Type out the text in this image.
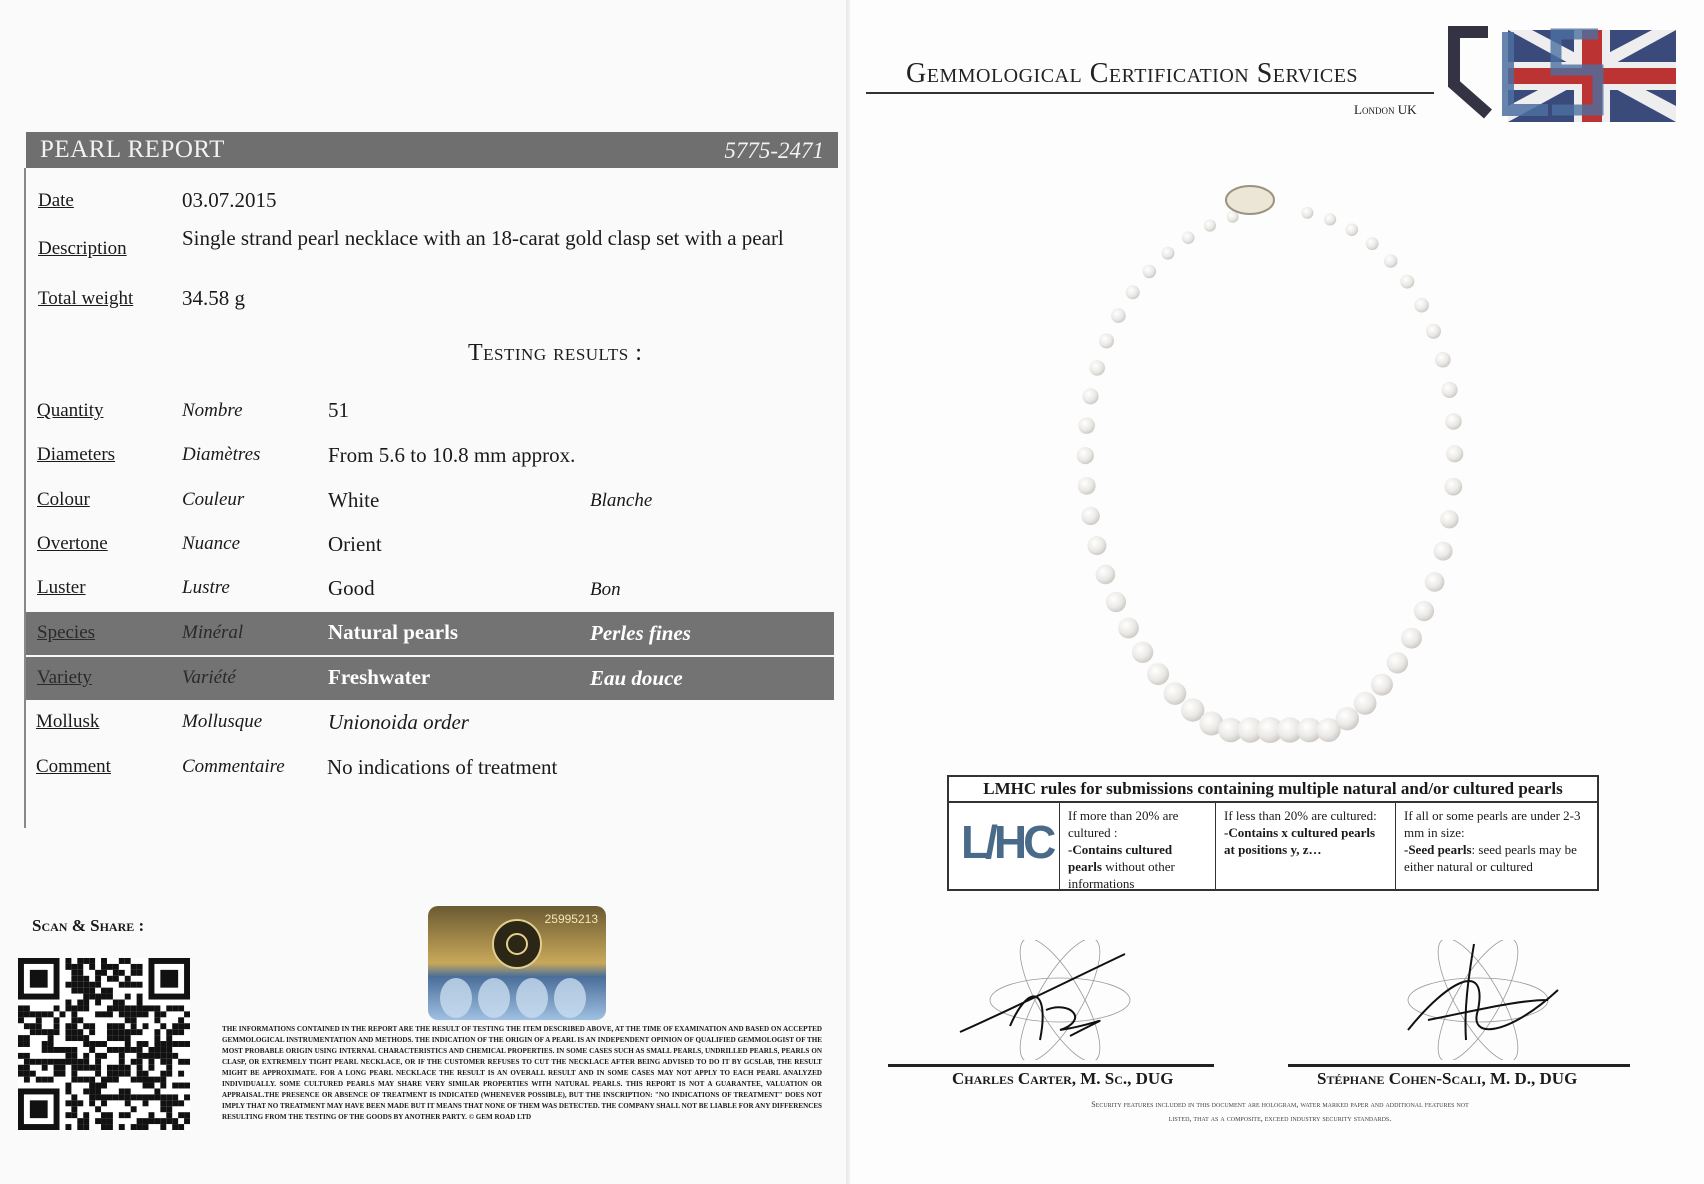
PEARL REPORT	5775-2471
Date	03.07.2015
Description	Single strand pearl necklace with an 18-carat gold clasp set with a pearl
Total weight 34.58 g
Testing results :
Quantity	Nombre	51
Diameters	Diamètres	From 5.6 to 10.8 mm approx.
Colour	Couleur	White	Blanche
Overtone	Nuance	Orient
Luster	Lustre	Good	Bon
Species	Minéral	Natural pearls	Perles fines
Variety	Variété	Freshwater	Eau douce
Mollusk	Mollusque	Unionoida order
Comment	Commentaire No indications of treatment
Scan & Share :	25995213
THE INFORMATIONS CONTAINED IN THE REPORT ARE THE RESULT OF TESTING THE ITEM DESCRIBED ABOVE, AT THE TIME OF EXAMINATION AND BASED ON ACCEPTED GEMMOLOGICAL INSTRUMENTATION AND METHODS. THE INDICATION OF THE ORIGIN OF A PEARL IS AN INDEPENDENT OPINION OF QUALIFIED GEMMOLOGIST OF THE MOST PROBABLE ORIGIN USING INTERNAL CHARACTERISTICS AND CHEMICAL PROPERTIES. IN SOME CASES SUCH AS SMALL PEARLS, UNDRILLED PEARLS, PEARLS ON CLASP, OR EXTREMELY TIGHT PEARL NECKLACE, OR IF THE CUSTOMER REFUSES TO CUT THE NECKLACE AFTER BEING ADVISED TO DO IT BY GCSLAB, THE RESULT MIGHT BE APPROXIMATE. FOR A LONG PEARL NECKLACE THE RESULT IS AN OVERALL RESULT AND IN SOME CASES MAY NOT APPLY TO EACH PEARL ANALYZED INDIVIDUALLY. SOME CULTURED PEARLS MAY SHARE VERY SIMILAR PROPERTIES WITH NATURAL PEARLS. THIS REPORT IS NOT A GUARANTEE, VALUATION OR APPRAISAL.THE PRESENCE OR ABSENCE OF TREATMENT IS INDICATED (WHENEVER POSSIBLE), BUT THE INSCRIPTION: "NO INDICATIONS OF TREATMENT" DOES NOT IMPLY THAT NO TREATMENT MAY HAVE BEEN MADE BUT IT MEANS THAT NONE OF THEM WAS DETECTED. THE COMPANY SHALL NOT BE LIABLE FOR ANY DIFFERENCES RESULTING FROM THE TESTING OF THE GOODS BY ANOTHER PARTY. © GEM ROAD LTD
Gemmological Certification Services
London UK
LMHC rules for submissions containing multiple natural and/or cultured pearls
L/HC
If more than 20% are cultured :
-Contains cultured pearls without other informations
If less than 20% are cultured:
-Contains x cultured pearls at positions y, z…
If all or some pearls are under 2-3 mm in size:
-Seed pearls: seed pearls may be either natural or cultured
Charles Carter, M. Sc., DUG	Stéphane Cohen-Scali, M. D., DUG
Security features included in this document are hologram, water marked paper and additional features not listed, that as a composite, exceed industry security standards.
